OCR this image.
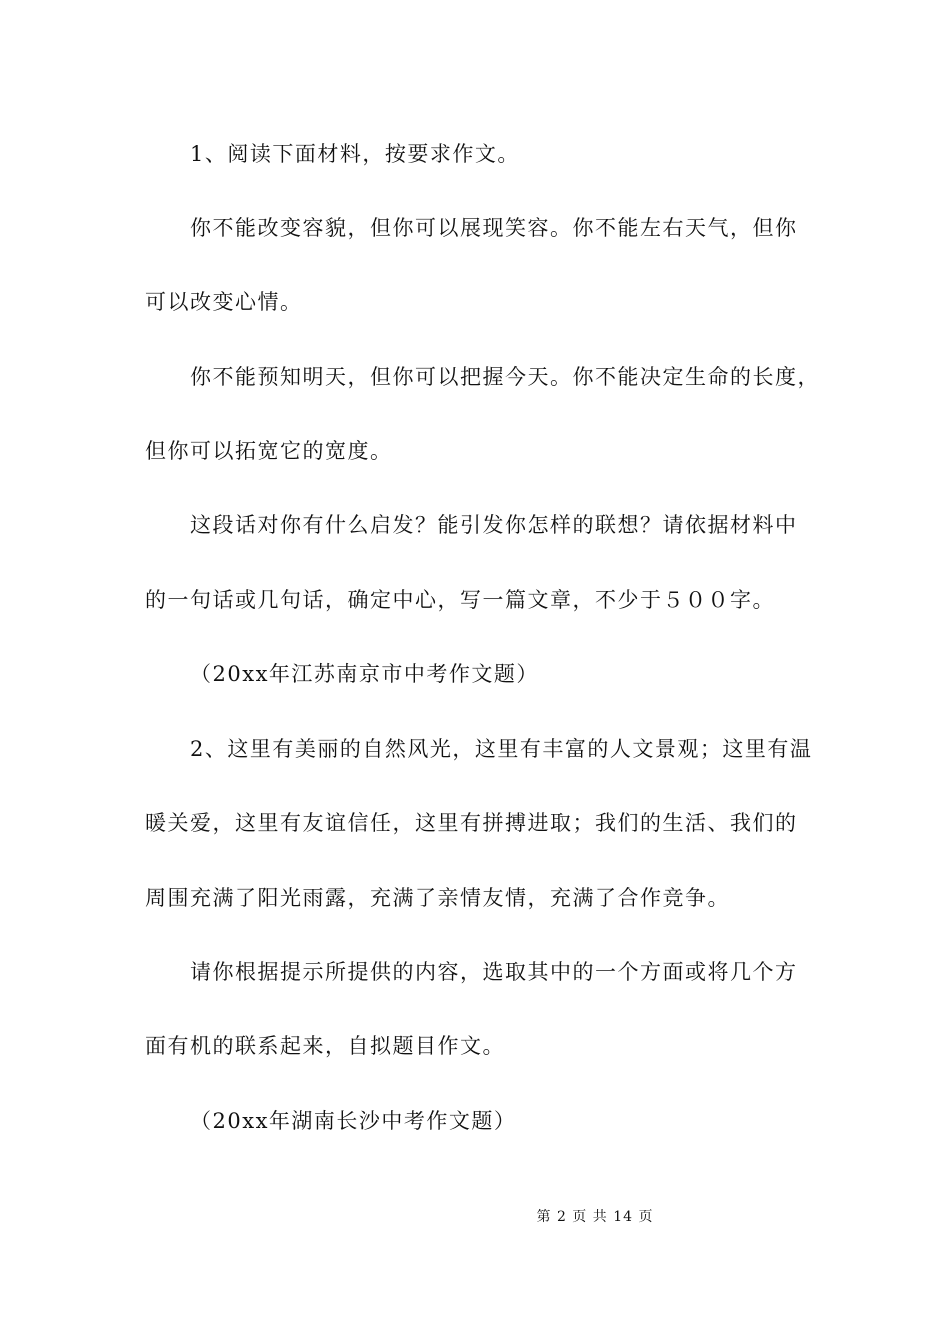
1、阅读下面材料，按要求作文。
你不能改变容貌，但你可以展现笑容。你不能左右天气，但你
可以改变心情。
你不能预知明天，但你可以把握今天。你不能决定生命的长度，
但你可以拓宽它的宽度。
这段话对你有什么启发？能引发你怎样的联想？请依据材料中
的一句话或几句话，确定中心，写一篇文章，不少于５００字。
（20xx年江苏南京市中考作文题）
2、这里有美丽的自然风光，这里有丰富的人文景观；这里有温
暖关爱，这里有友谊信任，这里有拼搏进取；我们的生活、我们的
周围充满了阳光雨露，充满了亲情友情，充满了合作竞争。
请你根据提示所提供的内容，选取其中的一个方面或将几个方
面有机的联系起来，自拟题目作文。
（20xx年湖南长沙中考作文题）
第 2 页 共 14 页
